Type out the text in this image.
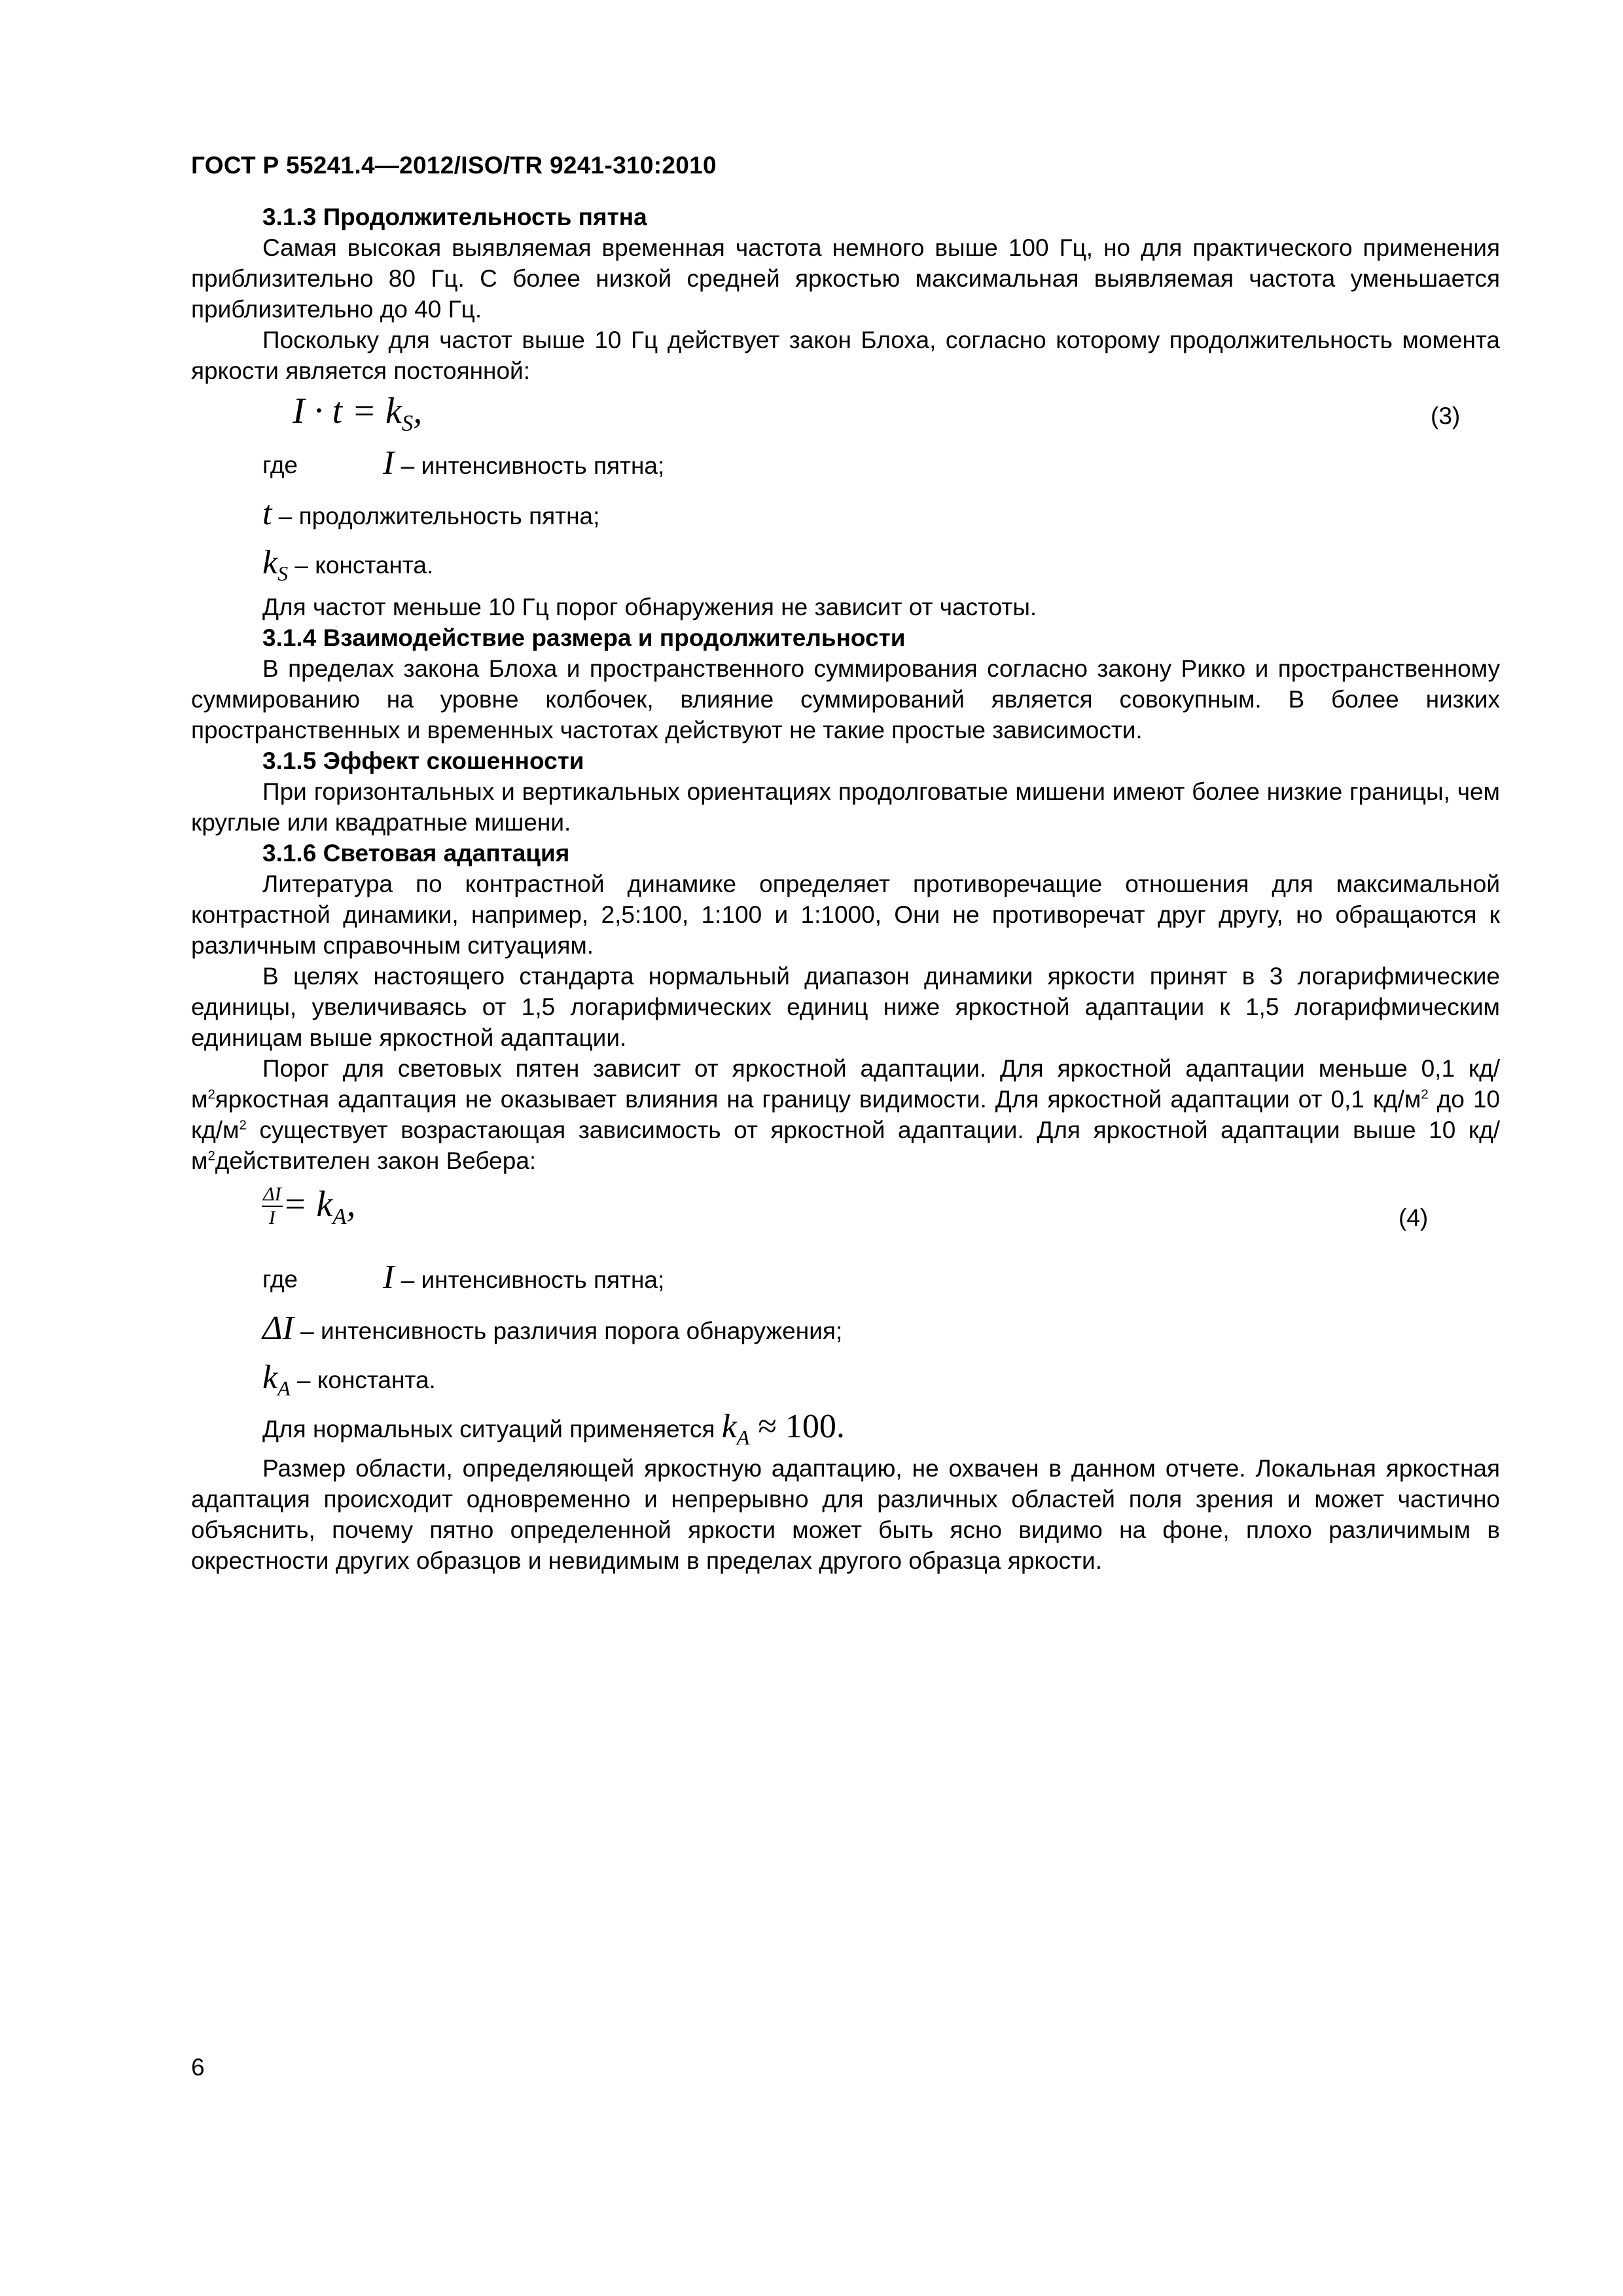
ГОСТ Р 55241.4—2012/ISO/TR 9241-310:2010

3.1.3 Продолжительность пятна

Самая высокая выявляемая временная частота немного выше 100 Гц, но для практического применения приблизительно 80 Гц. С более низкой средней яркостью максимальная выявляемая частота уменьшается приблизительно до 40 Гц.

Поскольку для частот выше 10 Гц действует закон Блоха, согласно которому продолжительность момента яркости является постоянной:

$I \cdot t = k_S$,	(3)
где I – интенсивность пятна;
t – продолжительность пятна;
kS – константа.

Для частот меньше 10 Гц порог обнаружения не зависит от частоты.

3.1.4 Взаимодействие размера и продолжительности

В пределах закона Блоха и пространственного суммирования согласно закону Рикко и пространственному суммированию на уровне колбочек, влияние суммирований является совокупным. В более низких пространственных и временных частотах действуют не такие простые зависимости.

3.1.5 Эффект скошенности

При горизонтальных и вертикальных ориентациях продолговатые мишени имеют более низкие границы, чем круглые или квадратные мишени.

3.1.6 Световая адаптация

Литература по контрастной динамике определяет противоречащие отношения для максимальной контрастной динамики, например, 2,5:100, 1:100 и 1:1000, Они не противоречат друг другу, но обращаются к различным справочным ситуациям.

В целях настоящего стандарта нормальный диапазон динамики яркости принят в 3 логарифмические единицы, увеличиваясь от 1,5 логарифмических единиц ниже яркостной адаптации к 1,5 логарифмическим единицам выше яркостной адаптации.

Порог для световых пятен зависит от яркостной адаптации. Для яркостной адаптации меньше 0,1 $кд/м^2яркостная$ адаптация не оказывает влияния на границу видимости. Для яркостной адаптации от 0,1 $кд/м^2$ до 10 $кд/м^2$ существует возрастающая зависимость от яркостной адаптации. Для яркостной адаптации выше 10 $кд/м^2действителен$ закон Вебера:

$\frac{\Delta I}{I} = k_A$,	(4)
где I – интенсивность пятна;
ΔI – интенсивность различия порога обнаружения;
kA – константа.
Для нормальных ситуаций применяется kA ≈ 100.

Размер области, определяющей яркостную адаптацию, не охвачен в данном отчете. Локальная яркостная адаптация происходит одновременно и непрерывно для различных областей поля зрения и может частично объяснить, почему пятно определенной яркости может быть ясно видимо на фоне, плохо различимым в окрестности других образцов и невидимым в пределах другого образца яркости.

6
